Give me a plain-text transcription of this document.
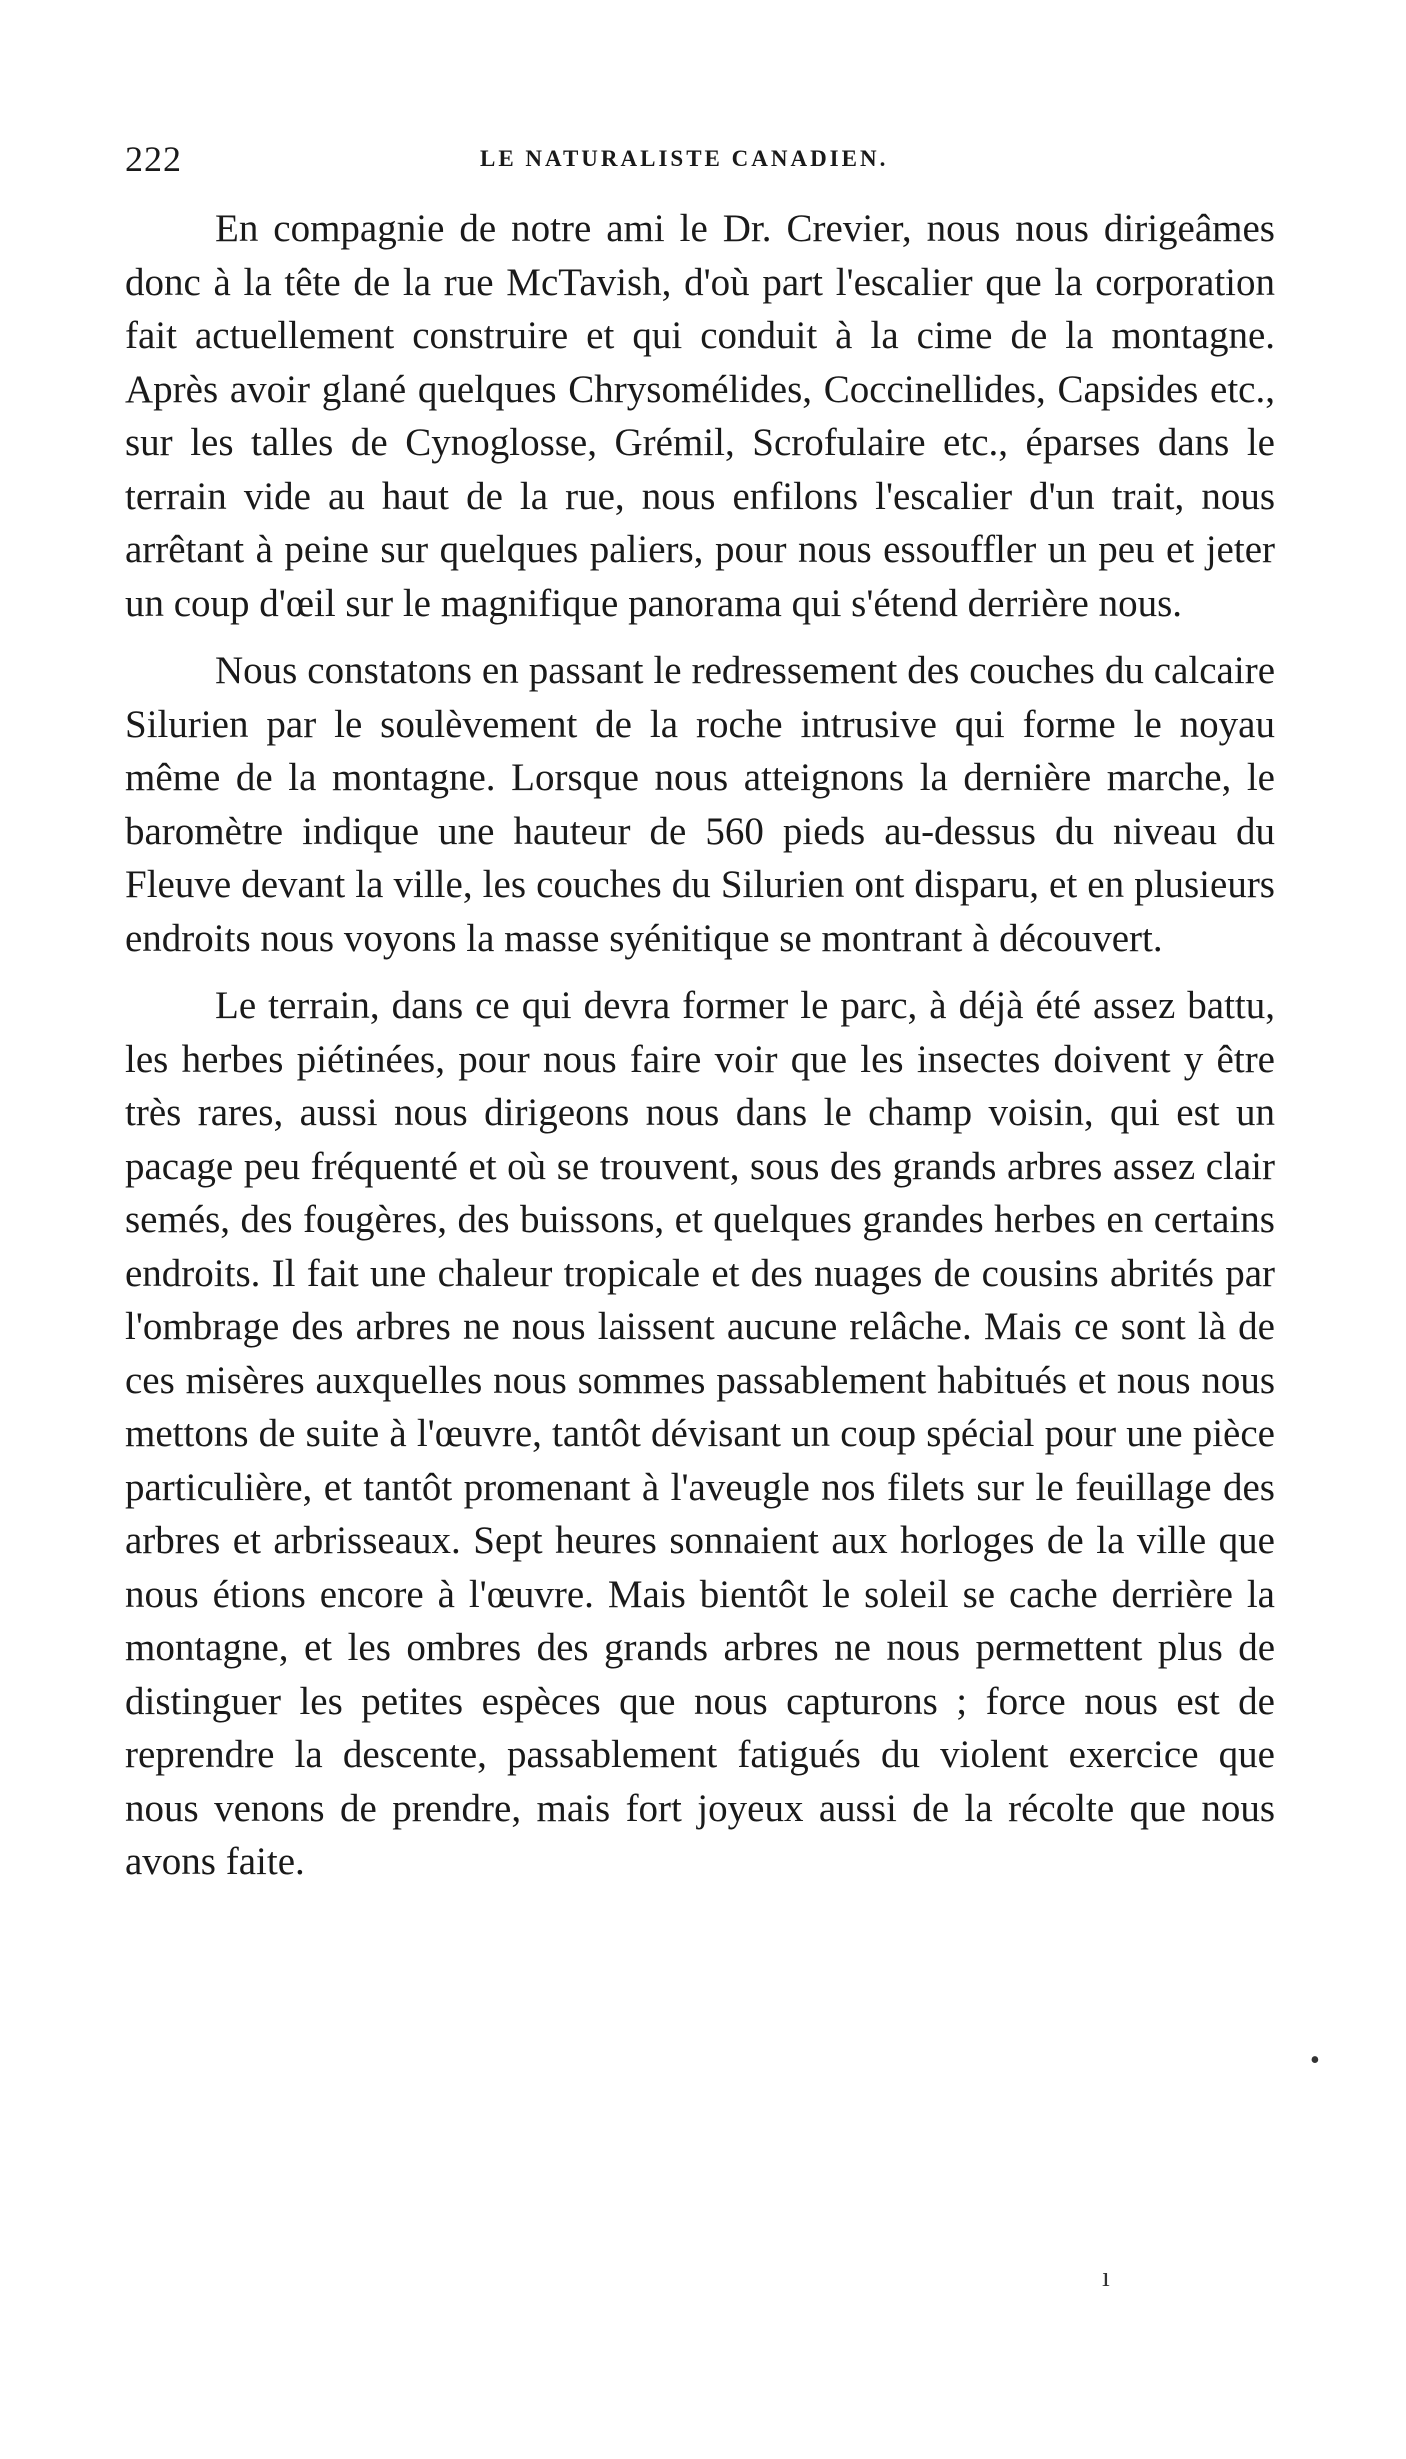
222	LE NATURALISTE CANADIEN.

En compagnie de notre ami le Dr. Crevier, nous nous dirigeâmes donc à la tête de la rue McTavish, d'où part l'escalier que la corporation fait actuellement construire et qui conduit à la cime de la montagne. Après avoir glané quelques Chrysomélides, Coccinellides, Capsides etc., sur les talles de Cynoglosse, Grémil, Scrofulaire etc., éparses dans le terrain vide au haut de la rue, nous enfilons l'escalier d'un trait, nous arrêtant à peine sur quelques paliers, pour nous essouffler un peu et jeter un coup d'œil sur le magnifique panorama qui s'étend derrière nous.

Nous constatons en passant le redressement des couches du calcaire Silurien par le soulèvement de la roche intrusive qui forme le noyau même de la montagne. Lorsque nous atteignons la dernière marche, le baromètre indique une hauteur de 560 pieds au-dessus du niveau du Fleuve devant la ville, les couches du Silurien ont disparu, et en plusieurs endroits nous voyons la masse syénitique se montrant à découvert.

Le terrain, dans ce qui devra former le parc, à déjà été assez battu, les herbes piétinées, pour nous faire voir que les insectes doivent y être très rares, aussi nous dirigeons nous dans le champ voisin, qui est un pacage peu fréquenté et où se trouvent, sous des grands arbres assez clair semés, des fougères, des buissons, et quelques grandes herbes en certains endroits. Il fait une chaleur tropicale et des nuages de cousins abrités par l'ombrage des arbres ne nous laissent aucune relâche. Mais ce sont là de ces misères auxquelles nous sommes passablement habitués et nous nous mettons de suite à l'œuvre, tantôt dévisant un coup spécial pour une pièce particulière, et tantôt promenant à l'aveugle nos filets sur le feuillage des arbres et arbrisseaux. Sept heures sonnaient aux horloges de la ville que nous étions encore à l'œuvre. Mais bientôt le soleil se cache derrière la montagne, et les ombres des grands arbres ne nous permettent plus de distinguer les petites espèces que nous capturons ; force nous est de reprendre la descente, passablement fatigués du violent exercice que nous venons de prendre, mais fort joyeux aussi de la récolte que nous avons faite.

•
ı
